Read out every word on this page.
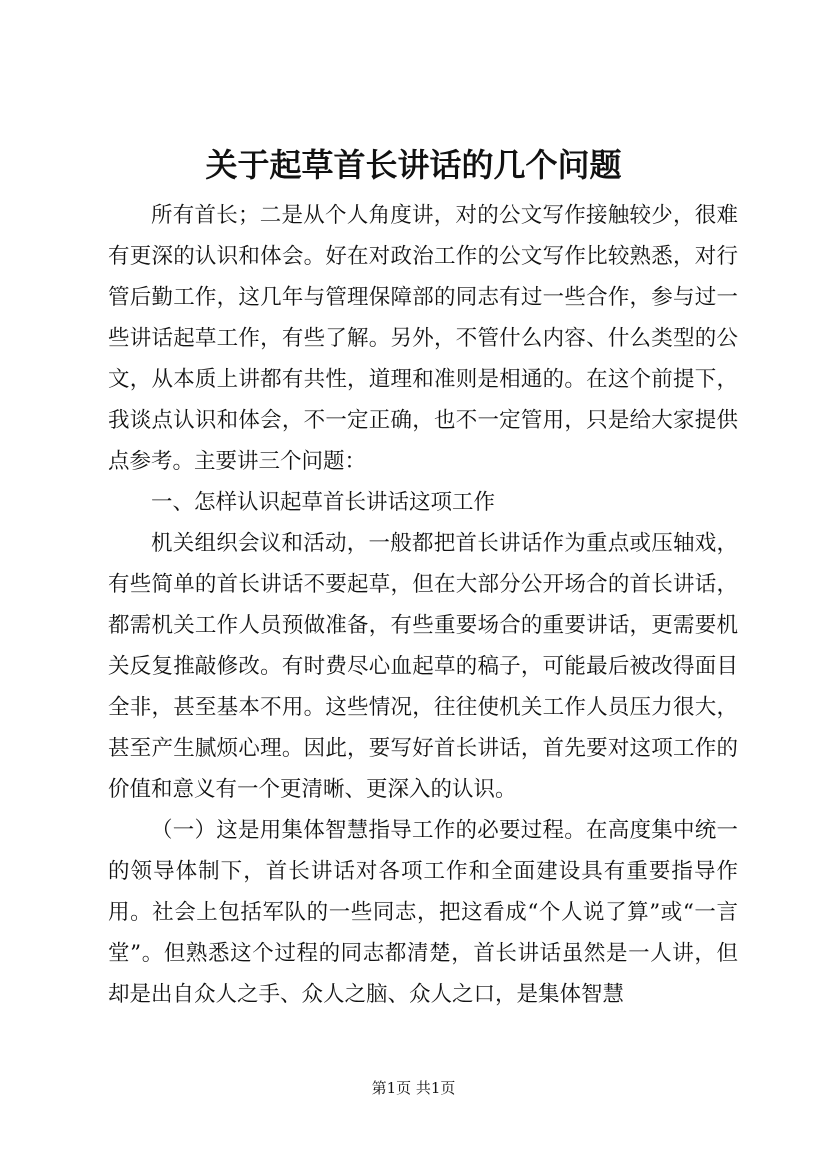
关于起草首长讲话的几个问题

所有首长；二是从个人角度讲，对的公文写作接触较少，很难有更深的认识和体会。好在对政治工作的公文写作比较熟悉，对行管后勤工作，这几年与管理保障部的同志有过一些合作，参与过一些讲话起草工作，有些了解。另外，不管什么内容、什么类型的公文，从本质上讲都有共性，道理和准则是相通的。在这个前提下，我谈点认识和体会，不一定正确，也不一定管用，只是给大家提供点参考。主要讲三个问题：

一、怎样认识起草首长讲话这项工作

机关组织会议和活动，一般都把首长讲话作为重点或压轴戏，有些简单的首长讲话不要起草，但在大部分公开场合的首长讲话，都需机关工作人员预做准备，有些重要场合的重要讲话，更需要机关反复推敲修改。有时费尽心血起草的稿子，可能最后被改得面目全非，甚至基本不用。这些情况，往往使机关工作人员压力很大，甚至产生腻烦心理。因此，要写好首长讲话，首先要对这项工作的价值和意义有一个更清晰、更深入的认识。

（一）这是用集体智慧指导工作的必要过程。在高度集中统一的领导体制下，首长讲话对各项工作和全面建设具有重要指导作用。社会上包括军队的一些同志，把这看成“个人说了算”或“一言堂”。但熟悉这个过程的同志都清楚，首长讲话虽然是一人讲，但却是出自众人之手、众人之脑、众人之口，是集体智慧

第1页 共1页
